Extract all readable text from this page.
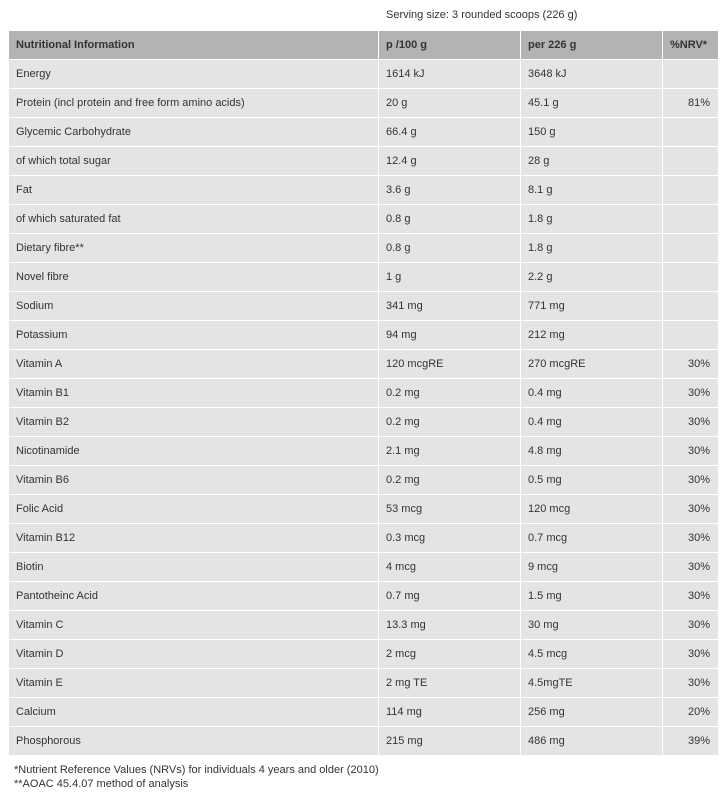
Serving size: 3 rounded scoops (226 g)
Nutritional Information	p /100 g	per 226 g	%NRV*
Energy	1614 kJ	3648 kJ	
Protein (incl protein and free form amino acids)	20 g	45.1 g	81%
Glycemic Carbohydrate	66.4 g	150 g	
of which total sugar	12.4 g	28 g	
Fat	3.6 g	8.1 g	
of which saturated fat	0.8 g	1.8 g	
Dietary fibre**	0.8 g	1.8 g	
Novel fibre	1 g	2.2 g	
Sodium	341 mg	771 mg	
Potassium	94 mg	212 mg	
Vitamin A	120 mcgRE	270 mcgRE	30%
Vitamin B1	0.2 mg	0.4 mg	30%
Vitamin B2	0.2 mg	0.4 mg	30%
Nicotinamide	2.1 mg	4.8 mg	30%
Vitamin B6	0.2 mg	0.5 mg	30%
Folic Acid	53 mcg	120 mcg	30%
Vitamin B12	0.3 mcg	0.7 mcg	30%
Biotin	4 mcg	9 mcg	30%
Pantotheinc Acid	0.7 mg	1.5 mg	30%
Vitamin C	13.3 mg	30 mg	30%
Vitamin D	2 mcg	4.5 mcg	30%
Vitamin E	2 mg TE	4.5mgTE	30%
Calcium	114 mg	256 mg	20%
Phosphorous	215 mg	486 mg	39%
*Nutrient Reference Values (NRVs) for individuals 4 years and older (2010)
**AOAC 45.4.07 method of analysis
